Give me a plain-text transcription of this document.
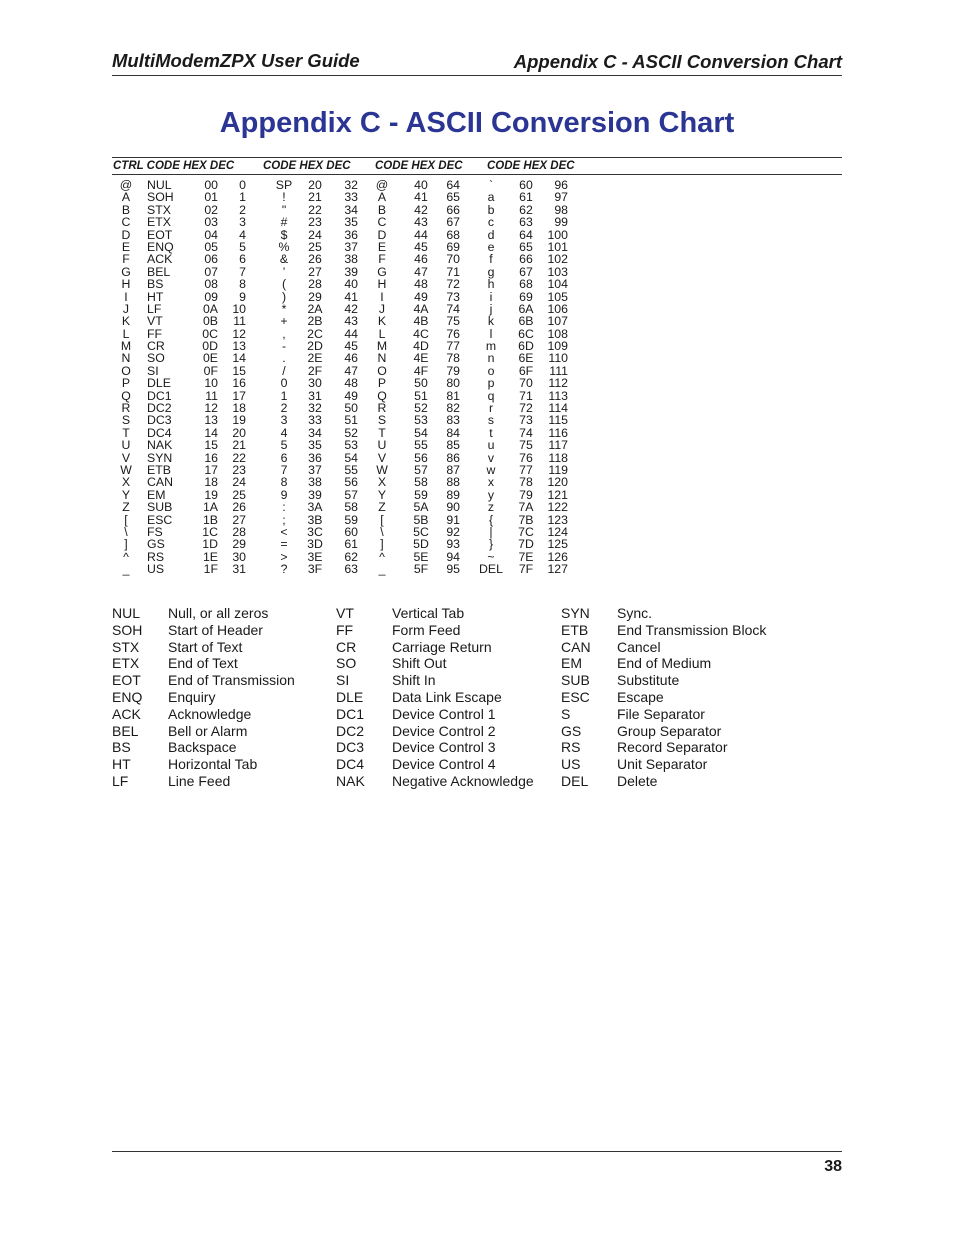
MultiModemZPX User Guide	Appendix C - ASCII Conversion Chart
Appendix C - ASCII Conversion Chart
CTRL CODE HEX DEC	CODE HEX DEC CODE HEX DEC CODE HEX DEC
@
A
B
C
D
E
F
G
H
I
J
K
L
M
N
O
P
Q
R
S
T
U
V
W
X
Y
Z
[
\
]
^
_
NUL
SOH
STX
ETX
EOT
ENQ
ACK
BEL
BS
HT
LF
VT
FF
CR
SO
SI
DLE
DC1
DC2
DC3
DC4
NAK
SYN
ETB
CAN
EM
SUB
ESC
FS
GS
RS
US
00
01
02
03
04
05
06
07
08
09
0A
0B
0C
0D
0E
0F
10
11
12
13
14
15
16
17
18
19
1A
1B
1C
1D
1E
1F
0
1
2
3
4
5
6
7
8
9
10
11
12
13
14
15
16
17
18
19
20
21
22
23
24
25
26
27
28
29
30
31
SP
!
"
#
$
%
&
’
(
)
*
+
,
-
.
/
0
1
2
3
4
5
6
7
8
9
:
;
<
=
>
?
20
21
22
23
24
25
26
27
28
29
2A
2B
2C
2D
2E
2F
30
31
32
33
34
35
36
37
38
39
3A
3B
3C
3D
3E
3F
32
33
34
35
36
37
38
39
40
41
42
43
44
45
46
47
48
49
50
51
52
53
54
55
56
57
58
59
60
61
62
63
@
A
B
C
D
E
F
G
H
I
J
K
L
M
N
O
P
Q
R
S
T
U
V
W
X
Y
Z
[
\
]
^
_
40
41
42
43
44
45
46
47
48
49
4A
4B
4C
4D
4E
4F
50
51
52
53
54
55
56
57
58
59
5A
5B
5C
5D
5E
5F
64
65
66
67
68
69
70
71
72
73
74
75
76
77
78
79
80
81
82
83
84
85
86
87
88
89
90
91
92
93
94
95
`
a
b
c
d
e
f
g
h
i
j
k
l
m
n
o
p
q
r
s
t
u
v
w
x
y
z
{
|
}
~
DEL
60
61
62
63
64
65
66
67
68
69
6A
6B
6C
6D
6E
6F
70
71
72
73
74
75
76
77
78
79
7A
7B
7C
7D
7E
7F
96
97
98
99
100
101
102
103
104
105
106
107
108
109
110
111
112
113
114
115
116
117
118
119
120
121
122
123
124
125
126
127
NUL
SOH
STX
ETX
EOT
ENQ
ACK
BEL
BS
HT
LF
Null, or all zeros
Start of Header
Start of Text
End of Text
End of Transmission
Enquiry
Acknowledge
Bell or Alarm
Backspace
Horizontal Tab
Line Feed
VT
FF
CR
SO
SI
DLE
DC1
DC2
DC3
DC4
NAK
Vertical Tab
Form Feed
Carriage Return
Shift Out
Shift In
Data Link Escape
Device Control 1
Device Control 2
Device Control 3
Device Control 4
Negative Acknowledge
SYN
ETB
CAN
EM
SUB
ESC
S
GS
RS
US
DEL
Sync.
End Transmission Block
Cancel
End of Medium
Substitute
Escape
File Separator
Group Separator
Record Separator
Unit Separator
Delete
38
